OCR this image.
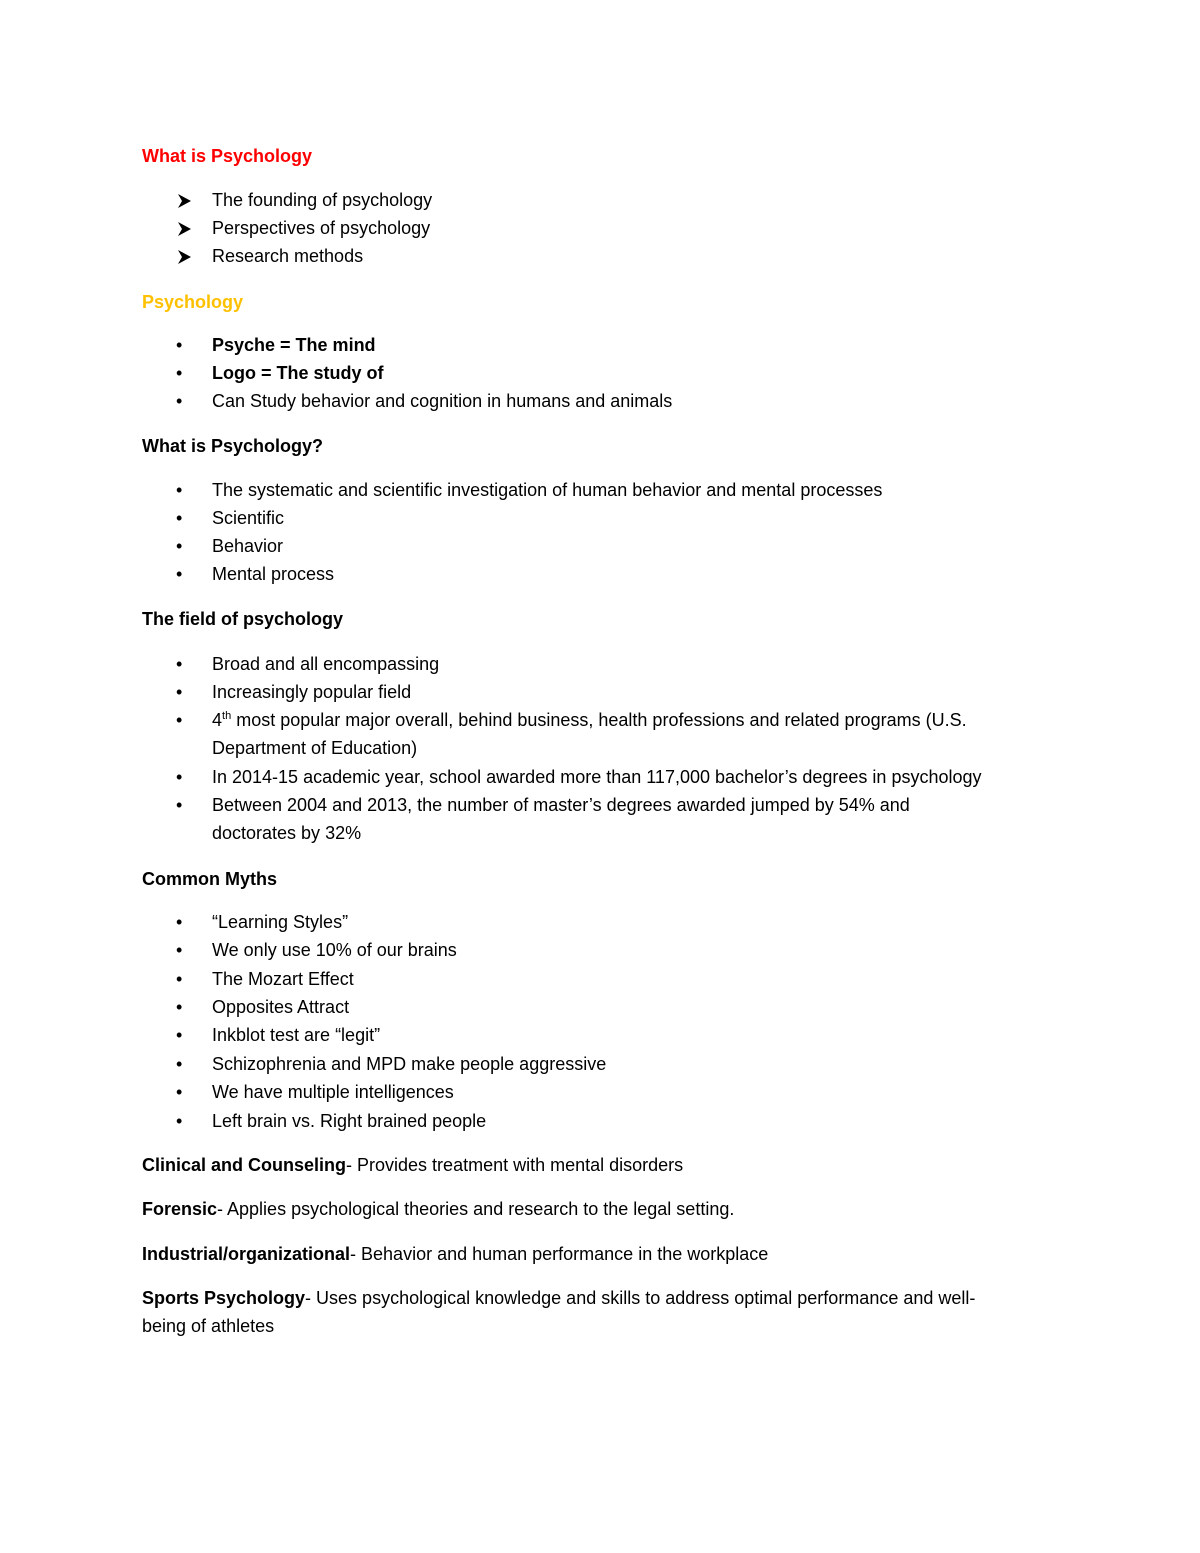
What is Psychology
The founding of psychology
Perspectives of psychology
Research methods
Psychology
•
Psyche = The mind
•
Logo = The study of
•
Can Study behavior and cognition in humans and animals
What is Psychology?
•
The systematic and scientific investigation of human behavior and mental processes
•
Scientific
•
Behavior
•
Mental process
The field of psychology
•
Broad and all encompassing
•
Increasingly popular field
•
4th most popular major overall, behind business, health professions and related programs (U.S.
Department of Education)
•
In 2014-15 academic year, school awarded more than 117,000 bachelor’s degrees in psychology
•
Between 2004 and 2013, the number of master’s degrees awarded jumped by 54% and
doctorates by 32%
Common Myths
•
“Learning Styles”
•
We only use 10% of our brains
•
The Mozart Effect
•
Opposites Attract
•
Inkblot test are “legit”
•
Schizophrenia and MPD make people aggressive
•
We have multiple intelligences
•
Left brain vs. Right brained people
Clinical and Counseling- Provides treatment with mental disorders
Forensic- Applies psychological theories and research to the legal setting.
Industrial/organizational- Behavior and human performance in the workplace
Sports Psychology- Uses psychological knowledge and skills to address optimal performance and well-
being of athletes
